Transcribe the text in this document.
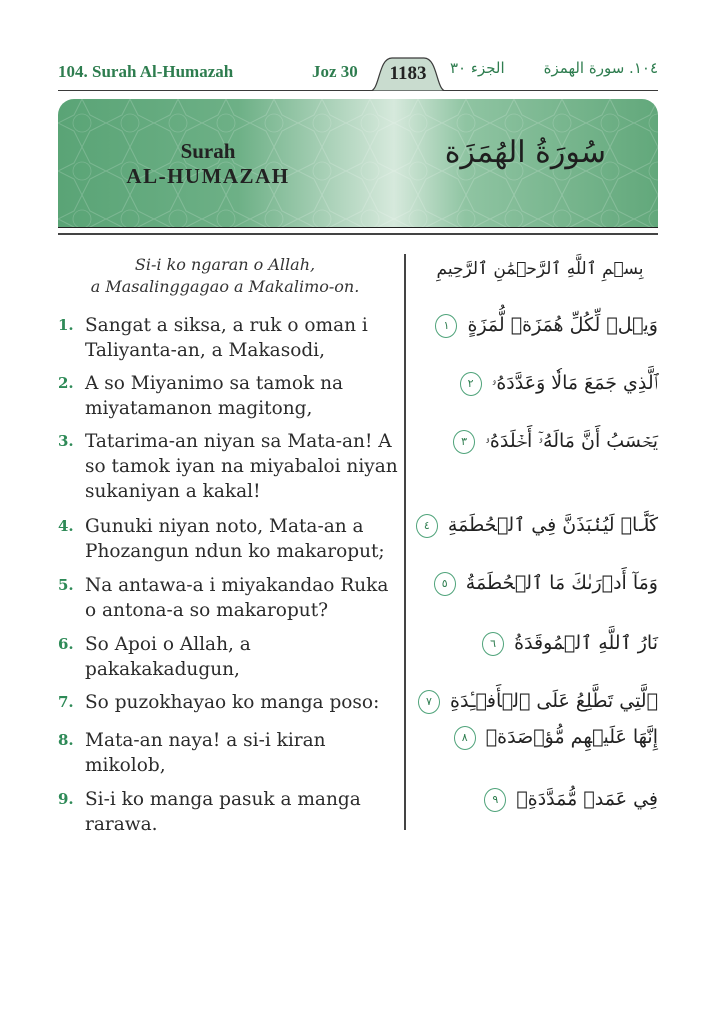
104. Surah Al-Humazah	Joz 30	1183	الجزء ٣٠	١٠٤. سورة الهمزة
Surah
AL-HUMAZAH
سُورَةُ الهُمَزَة
Si-i ko ngaran o Allah,
a Masalinggagao a Makalimo-on.
بِسۡمِ ٱللَّهِ ٱلرَّحۡمَٰنِ ٱلرَّحِيمِ
1. Sangat a siksa, a ruk o oman i Taliyanta-an, a Makasodi,
2. A so Miyanimo sa tamok na miyatamanon magitong,
3. Tatarima-an niyan sa Mata-an! A so tamok iyan na miyabaloi niyan sukaniyan a kakal!
4. Gunuki niyan noto, Mata-an a Phozangun ndun ko makaroput;
5. Na antawa-a i miyakandao Ruka o antona-a so makaroput?
6. So Apoi o Allah, a pakakakadugun,
7. So puzokhayao ko manga poso:
8. Mata-an naya! a si-i kiran mikolob,
9. Si-i ko manga pasuk a manga rarawa.
وَيۡلٞ لِّكُلِّ هُمَزَةٖ لُّمَزَةٍ ١
ٱلَّذِي جَمَعَ مَالٗا وَعَدَّدَهُۥ ٢
يَحۡسَبُ أَنَّ مَالَهُۥٓ أَخۡلَدَهُۥ ٣
كَلَّاۖ لَيُنۢبَذَنَّ فِي ٱلۡحُطَمَةِ ٤
وَمَآ أَدۡرَىٰكَ مَا ٱلۡحُطَمَةُ ٥
نَارُ ٱللَّهِ ٱلۡمُوقَدَةُ ٦
ٱلَّتِي تَطَّلِعُ عَلَى ٱلۡأَفۡـِٔدَةِ ٧
إِنَّهَا عَلَيۡهِم مُّؤۡصَدَةٞ ٨
فِي عَمَدٖ مُّمَدَّدَةِۭ ٩
